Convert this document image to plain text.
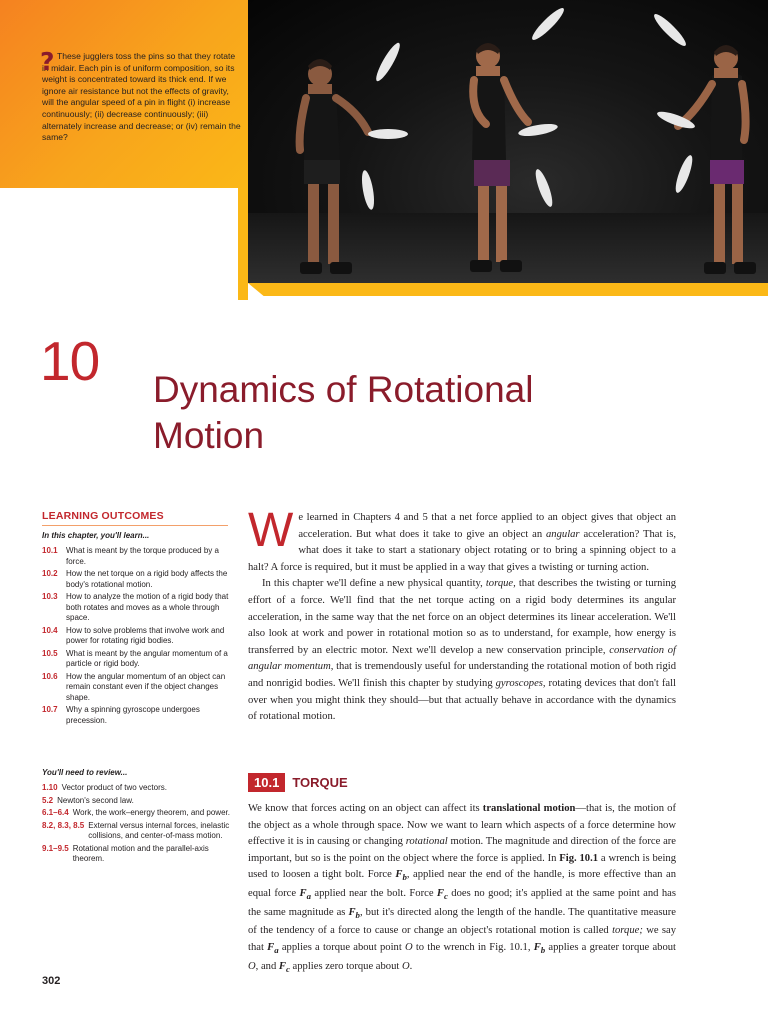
? These jugglers toss the pins so that they rotate in midair. Each pin is of uniform composition, so its weight is concentrated toward its thick end. If we ignore air resistance but not the effects of gravity, will the angular speed of a pin in flight (i) increase continuously; (ii) decrease continuously; (iii) alternately increase and decrease; or (iv) remain the same?

10 Dynamics of Rotational
Motion
LEARNING OUTCOMES
In this chapter, you'll learn...
10.1 What is meant by the torque produced by a force.
10.2 How the net torque on a rigid body affects the body's rotational motion.
10.3 How to analyze the motion of a rigid body that both rotates and moves as a whole through space.
10.4 How to solve problems that involve work and power for rotating rigid bodies.
10.5 What is meant by the angular momentum of a particle or rigid body.
10.6 How the angular momentum of an object can remain constant even if the object changes shape.
10.7 Why a spinning gyroscope undergoes precession.
You'll need to review...
1.10 Vector product of two vectors.
5.2 Newton's second law.
6.1–6.4 Work, the work–energy theorem, and power.
8.2, 8.3, 8.5 External versus internal forces, inelastic collisions, and center-of-mass motion.
9.1–9.5 Rotational motion and the parallel-axis theorem.
302

We learned in Chapters 4 and 5 that a net force applied to an object gives that object an acceleration. But what does it take to give an object an angular acceleration? That is, what does it take to start a stationary object rotating or to bring a spinning object to a halt? A force is required, but it must be applied in a way that gives a twisting or turning action.

In this chapter we'll define a new physical quantity, torque, that describes the twisting or turning effort of a force. We'll find that the net torque acting on a rigid body determines its angular acceleration, in the same way that the net force on an object determines its linear acceleration. We'll also look at work and power in rotational motion so as to understand, for example, how energy is transferred by an electric motor. Next we'll develop a new conservation principle, conservation of angular momentum, that is tremendously useful for understanding the rotational motion of both rigid and nonrigid bodies. We'll finish this chapter by studying gyroscopes, rotating devices that don't fall over when you might think they should—but that actually behave in accordance with the dynamics of rotational motion.

10.1	TORQUE

We know that forces acting on an object can affect its translational motion—that is, the motion of the object as a whole through space. Now we want to learn which aspects of a force determine how effective it is in causing or changing rotational motion. The magnitude and direction of the force are important, but so is the point on the object where the force is applied. In Fig. 10.1 a wrench is being used to loosen a tight bolt. Force $F_b$, applied near the end of the handle, is more effective than an equal force $F_a$ applied near the bolt. Force $F_c$ does no good; it's applied at the same point and has the same magnitude as $F_b$, but it's directed along the length of the handle. The quantitative measure of the tendency of a force to cause or change an object's rotational motion is called torque; we say that $F_a$ applies a torque about point O to the wrench in Fig. 10.1, $F_b$ applies a greater torque about O, and $F_c$ applies zero torque about O.
